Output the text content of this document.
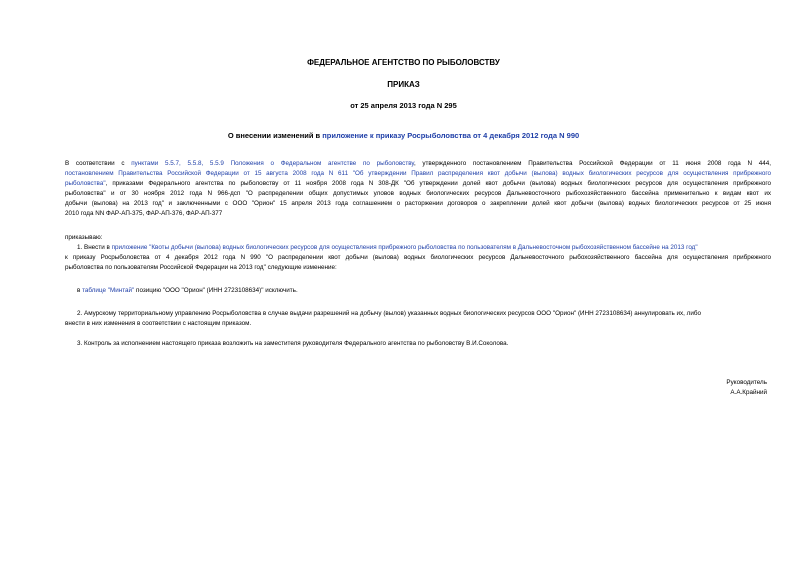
ФЕДЕРАЛЬНОЕ АГЕНТСТВО ПО РЫБОЛОВСТВУ
ПРИКАЗ
от 25 апреля 2013 года N 295
О внесении изменений в приложение к приказу Росрыболовства от 4 декабря 2012 года N 990
В соответствии с пунктами 5.5.7, 5.5.8, 5.5.9 Положения о Федеральном агентстве по рыболовству, утвержденного постановлением Правительства Российской Федерации от 11 июня 2008 года N 444,
постановлением Правительства Российской Федерации от 15 августа 2008 года N 611 "Об утверждении Правил распределения квот добычи (вылова) водных биологических ресурсов для осуществления прибрежного
рыболовства", приказами Федерального агентства по рыболовству от 11 ноября 2008 года N 308-ДК "Об утверждении долей квот добычи (вылова) водных биологических ресурсов для осуществления прибрежного
рыболовства" и от 30 ноября 2012 года N 966-дсп "О распределении общих допустимых уловов водных биологических ресурсов Дальневосточного рыбохозяйственного бассейна применительно к видам квот их
добычи (вылова) на 2013 год" и заключенными с ООО "Орион" 15 апреля 2013 года соглашением о расторжении договоров о закреплении долей квот добычи (вылова) водных биологических ресурсов от 25 июня
2010 года NN ФАР-АП-375, ФАР-АП-376, ФАР-АП-377
приказываю:
1. Внести в приложение "Квоты добычи (вылова) водных биологических ресурсов для осуществления прибрежного рыболовства по пользователям в Дальневосточном рыбохозяйственном бассейне на 2013 год"
к приказу Росрыболовства от 4 декабря 2012 года N 990 "О распределении квот добычи (вылова) водных биологических ресурсов Дальневосточного рыбохозяйственного бассейна для осуществления прибрежного
рыболовства по пользователям Российской Федерации на 2013 год" следующие изменение:
в таблице "Минтай" позицию "ООО "Орион" (ИНН 2723108634)" исключить.
2. Амурскому территориальному управлению Росрыболовства в случае выдачи разрешений на добычу (вылов) указанных водных биологических ресурсов ООО "Орион" (ИНН 2723108634) аннулировать их, либо
внести в них изменения в соответствии с настоящим приказом.
3. Контроль за исполнением настоящего приказа возложить на заместителя руководителя Федерального агентства по рыболовству В.И.Соколова.
Руководитель
А.А.Крайний
